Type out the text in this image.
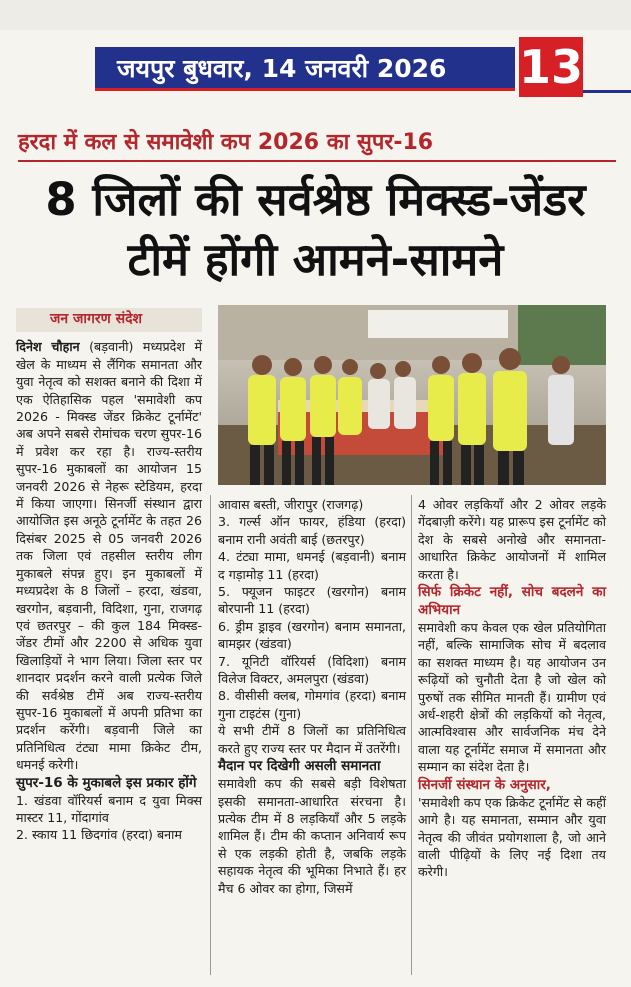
जयपुर बुधवार, 14 जनवरी 2026	13
हरदा में कल से समावेशी कप 2026 का सुपर-16
8 जिलों की सर्वश्रेष्ठ मिक्स्ड-जेंडर
टीमें होंगी आमने-सामने
जन जागरण संदेश

दिनेश चौहान (बड़वानी) मध्यप्रदेश में खेल के माध्यम से लैंगिक समानता और युवा नेतृत्व को सशक्त बनाने की दिशा में एक ऐतिहासिक पहल 'समावेशी कप 2026 - मिक्स्ड जेंडर क्रिकेट टूर्नामेंट' अब अपने सबसे रोमांचक चरण सुपर-16 में प्रवेश कर रहा है। राज्य-स्तरीय सुपर-16 मुकाबलों का आयोजन 15 जनवरी 2026 से नेहरू स्टेडियम, हरदा में किया जाएगा। सिनर्जी संस्थान द्वारा आयोजित इस अनूठे टूर्नामेंट के तहत 26 दिसंबर 2025 से 05 जनवरी 2026 तक जिला एवं तहसील स्तरीय लीग मुकाबले संपन्न हुए। इन मुकाबलों में मध्यप्रदेश के 8 जिलों – हरदा, खंडवा, खरगोन, बड़वानी, विदिशा, गुना, राजगढ़ एवं छतरपुर – की कुल 184 मिक्स्ड-जेंडर टीमों और 2200 से अधिक युवा खिलाड़ियों ने भाग लिया। जिला स्तर पर शानदार प्रदर्शन करने वाली प्रत्येक जिले की सर्वश्रेष्ठ टीमें अब राज्य-स्तरीय सुपर-16 मुकाबलों में अपनी प्रतिभा का प्रदर्शन करेंगी। बड़वानी जिले का प्रतिनिधित्व टंट्या मामा क्रिकेट टीम, धमनई करेगी।

सुपर-16 के मुकाबले इस प्रकार होंगे

1. खंडवा वॉरियर्स बनाम द युवा मिक्स मास्टर 11, गोंदागांव

2. स्काय 11 छिदगांव (हरदा) बनाम

आवास बस्ती, जीरापुर (राजगढ़)

3. गर्ल्स ऑन फायर, हंडिया (हरदा) बनाम रानी अवंती बाई (छतरपुर)

4. टंट्या मामा, धमनई (बड़वानी) बनाम द गड़ामोड़ 11 (हरदा)

5. फ्यूजन फाइटर (खरगोन) बनाम बोरपानी 11 (हरदा)

6. ड्रीम ड्राइव (खरगोन) बनाम समानता, बामझर (खंडवा)

7. यूनिटी वॉरियर्स (विदिशा) बनाम विलेज विक्टर, अमलपुरा (खंडवा)

8. वीसीसी क्लब, गोमगांव (हरदा) बनाम गुना टाइटंस (गुना)

ये सभी टीमें 8 जिलों का प्रतिनिधित्व करते हुए राज्य स्तर पर मैदान में उतरेंगी।

मैदान पर दिखेगी असली समानता

समावेशी कप की सबसे बड़ी विशेषता इसकी समानता-आधारित संरचना है। प्रत्येक टीम में 8 लड़कियाँ और 5 लड़के शामिल हैं। टीम की कप्तान अनिवार्य रूप से एक लड़की होती है, जबकि लड़के सहायक नेतृत्व की भूमिका निभाते हैं। हर मैच 6 ओवर का होगा, जिसमें

4 ओवर लड़कियाँ और 2 ओवर लड़के गेंदबाज़ी करेंगे। यह प्रारूप इस टूर्नामेंट को देश के सबसे अनोखे और समानता-आधारित क्रिकेट आयोजनों में शामिल करता है।

सिर्फ क्रिकेट नहीं, सोच बदलने का अभियान

समावेशी कप केवल एक खेल प्रतियोगिता नहीं, बल्कि सामाजिक सोच में बदलाव का सशक्त माध्यम है। यह आयोजन उन रूढ़ियों को चुनौती देता है जो खेल को पुरुषों तक सीमित मानती हैं। ग्रामीण एवं अर्ध-शहरी क्षेत्रों की लड़कियों को नेतृत्व, आत्मविश्वास और सार्वजनिक मंच देने वाला यह टूर्नामेंट समाज में समानता और सम्मान का संदेश देता है।

सिनर्जी संस्थान के अनुसार,

'समावेशी कप एक क्रिकेट टूर्नामेंट से कहीं आगे है। यह समानता, सम्मान और युवा नेतृत्व की जीवंत प्रयोगशाला है, जो आने वाली पीढ़ियों के लिए नई दिशा तय करेगी।
